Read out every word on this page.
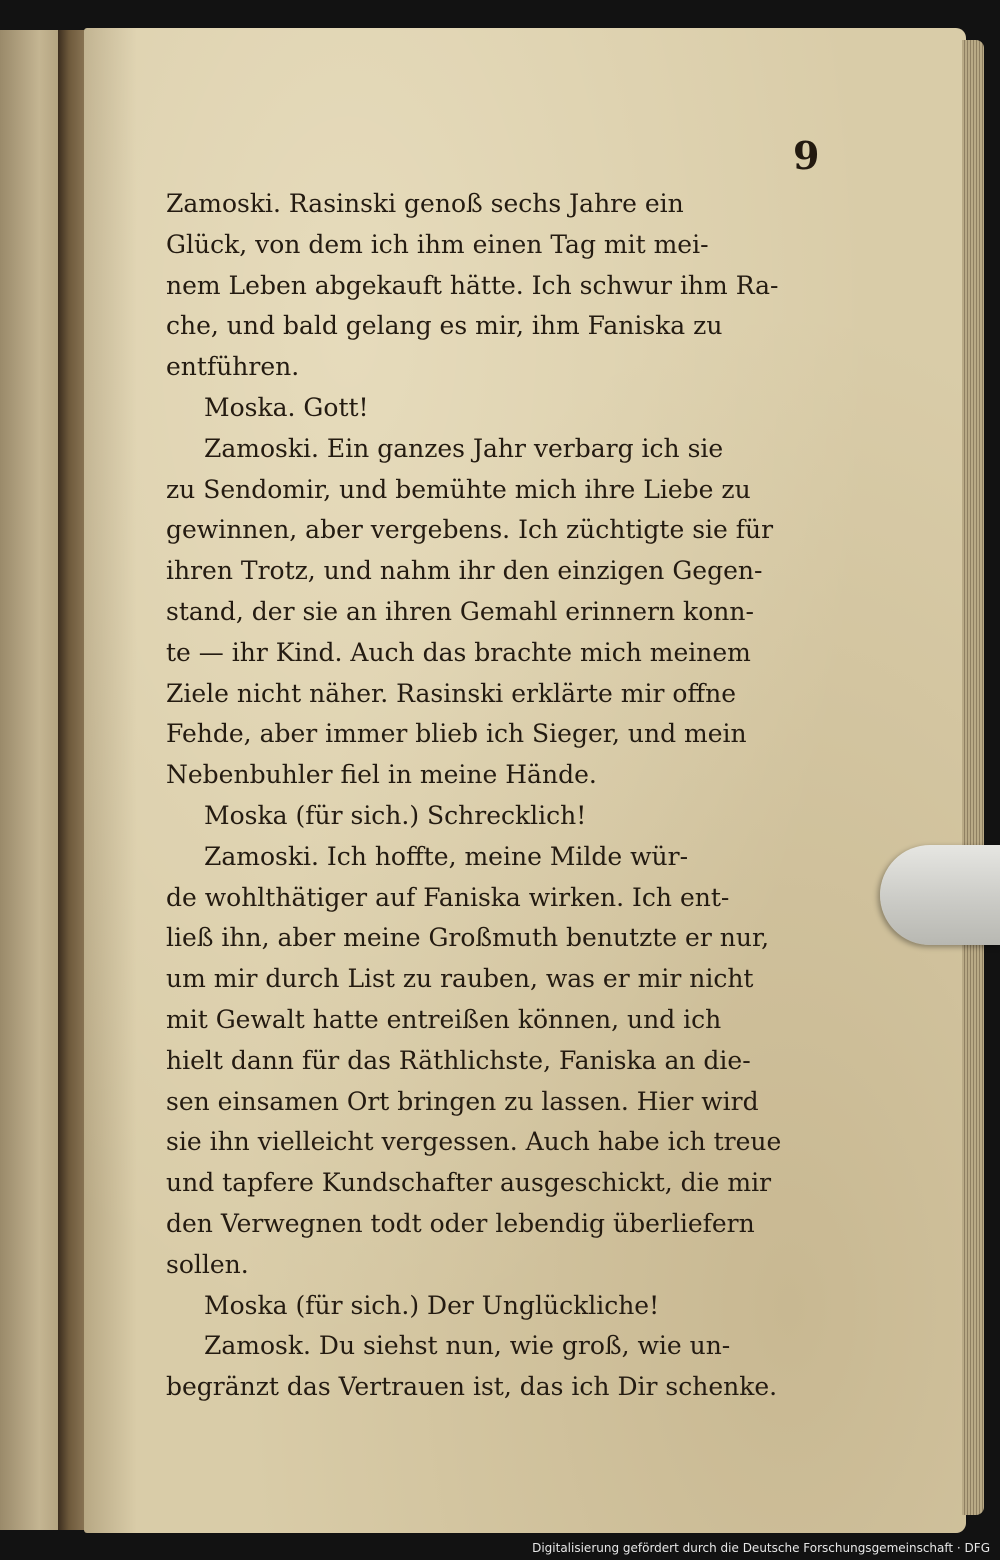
9
Zamoski. Rasinski genoß sechs Jahre ein
Glück, von dem ich ihm einen Tag mit mei-
nem Leben abgekauft hätte. Ich schwur ihm Ra-
che, und bald gelang es mir, ihm Faniska zu
entführen.
Moska. Gott!
Zamoski. Ein ganzes Jahr verbarg ich sie
zu Sendomir, und bemühte mich ihre Liebe zu
gewinnen, aber vergebens. Ich züchtigte sie für
ihren Trotz, und nahm ihr den einzigen Gegen-
stand, der sie an ihren Gemahl erinnern konn-
te — ihr Kind. Auch das brachte mich meinem
Ziele nicht näher. Rasinski erklärte mir offne
Fehde, aber immer blieb ich Sieger, und mein
Nebenbuhler fiel in meine Hände.
Moska (für sich.) Schrecklich!
Zamoski. Ich hoffte, meine Milde wür-
de wohlthätiger auf Faniska wirken. Ich ent-
ließ ihn, aber meine Großmuth benutzte er nur,
um mir durch List zu rauben, was er mir nicht
mit Gewalt hatte entreißen können, und ich
hielt dann für das Räthlichste, Faniska an die-
sen einsamen Ort bringen zu lassen. Hier wird
sie ihn vielleicht vergessen. Auch habe ich treue
und tapfere Kundschafter ausgeschickt, die mir
den Verwegnen todt oder lebendig überliefern
sollen.
Moska (für sich.) Der Unglückliche!
Zamosk. Du siehst nun, wie groß, wie un-
begränzt das Vertrauen ist, das ich Dir schenke.
Digitalisierung gefördert durch die Deutsche Forschungsgemeinschaft · DFG
